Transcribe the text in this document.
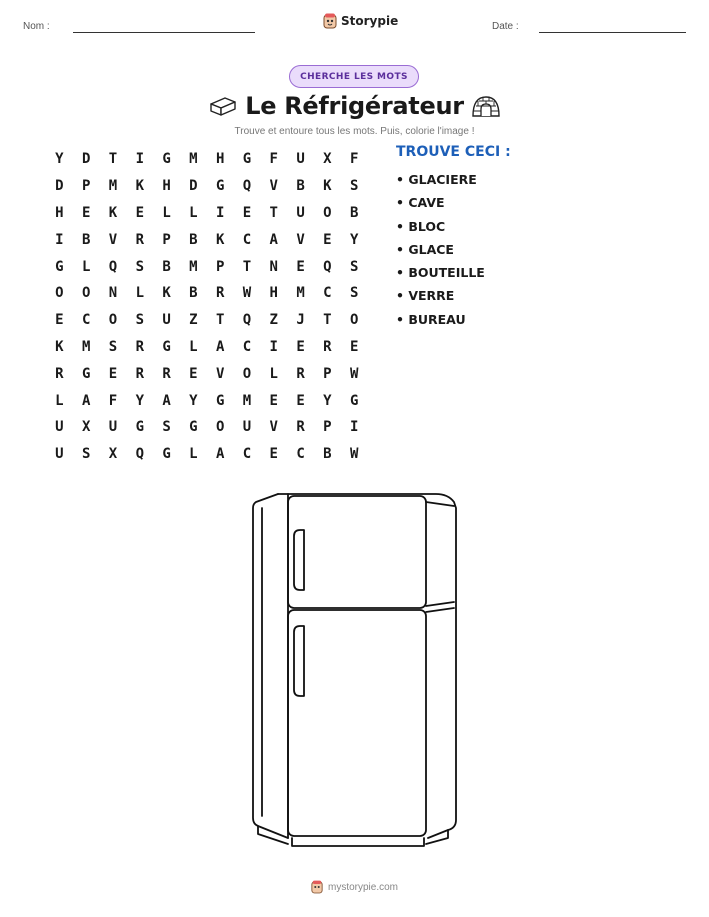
Nom :	Storypie	Date :
CHERCHE LES MOTS
Le Réfrigérateur
Trouve et entoure tous les mots. Puis, colorie l'image !
Y	D	T	I	G	M	H	G	F	U	X	F
D	P	M	K	H	D	G	Q	V	B	K	S
H	E	K	E	L	L	I	E	T	U	O	B
I	B	V	R	P	B	K	C	A	V	E	Y
G	L	Q	S	B	M	P	T	N	E	Q	S
O	O	N	L	K	B	R	W	H	M	C	S
E	C	O	S	U	Z	T	Q	Z	J	T	O
K	M	S	R	G	L	A	C	I	E	R	E
R	G	E	R	R	E	V	O	L	R	P	W
L	A	F	Y	A	Y	G	M	E	E	Y	G
U	X	U	G	S	G	O	U	V	R	P	I
U	S	X	Q	G	L	A	C	E	C	B	W
TROUVE CECI :
• GLACIERE
• CAVE
• BLOC
• GLACE
• BOUTEILLE
• VERRE
• BUREAU
mystorypie.com
